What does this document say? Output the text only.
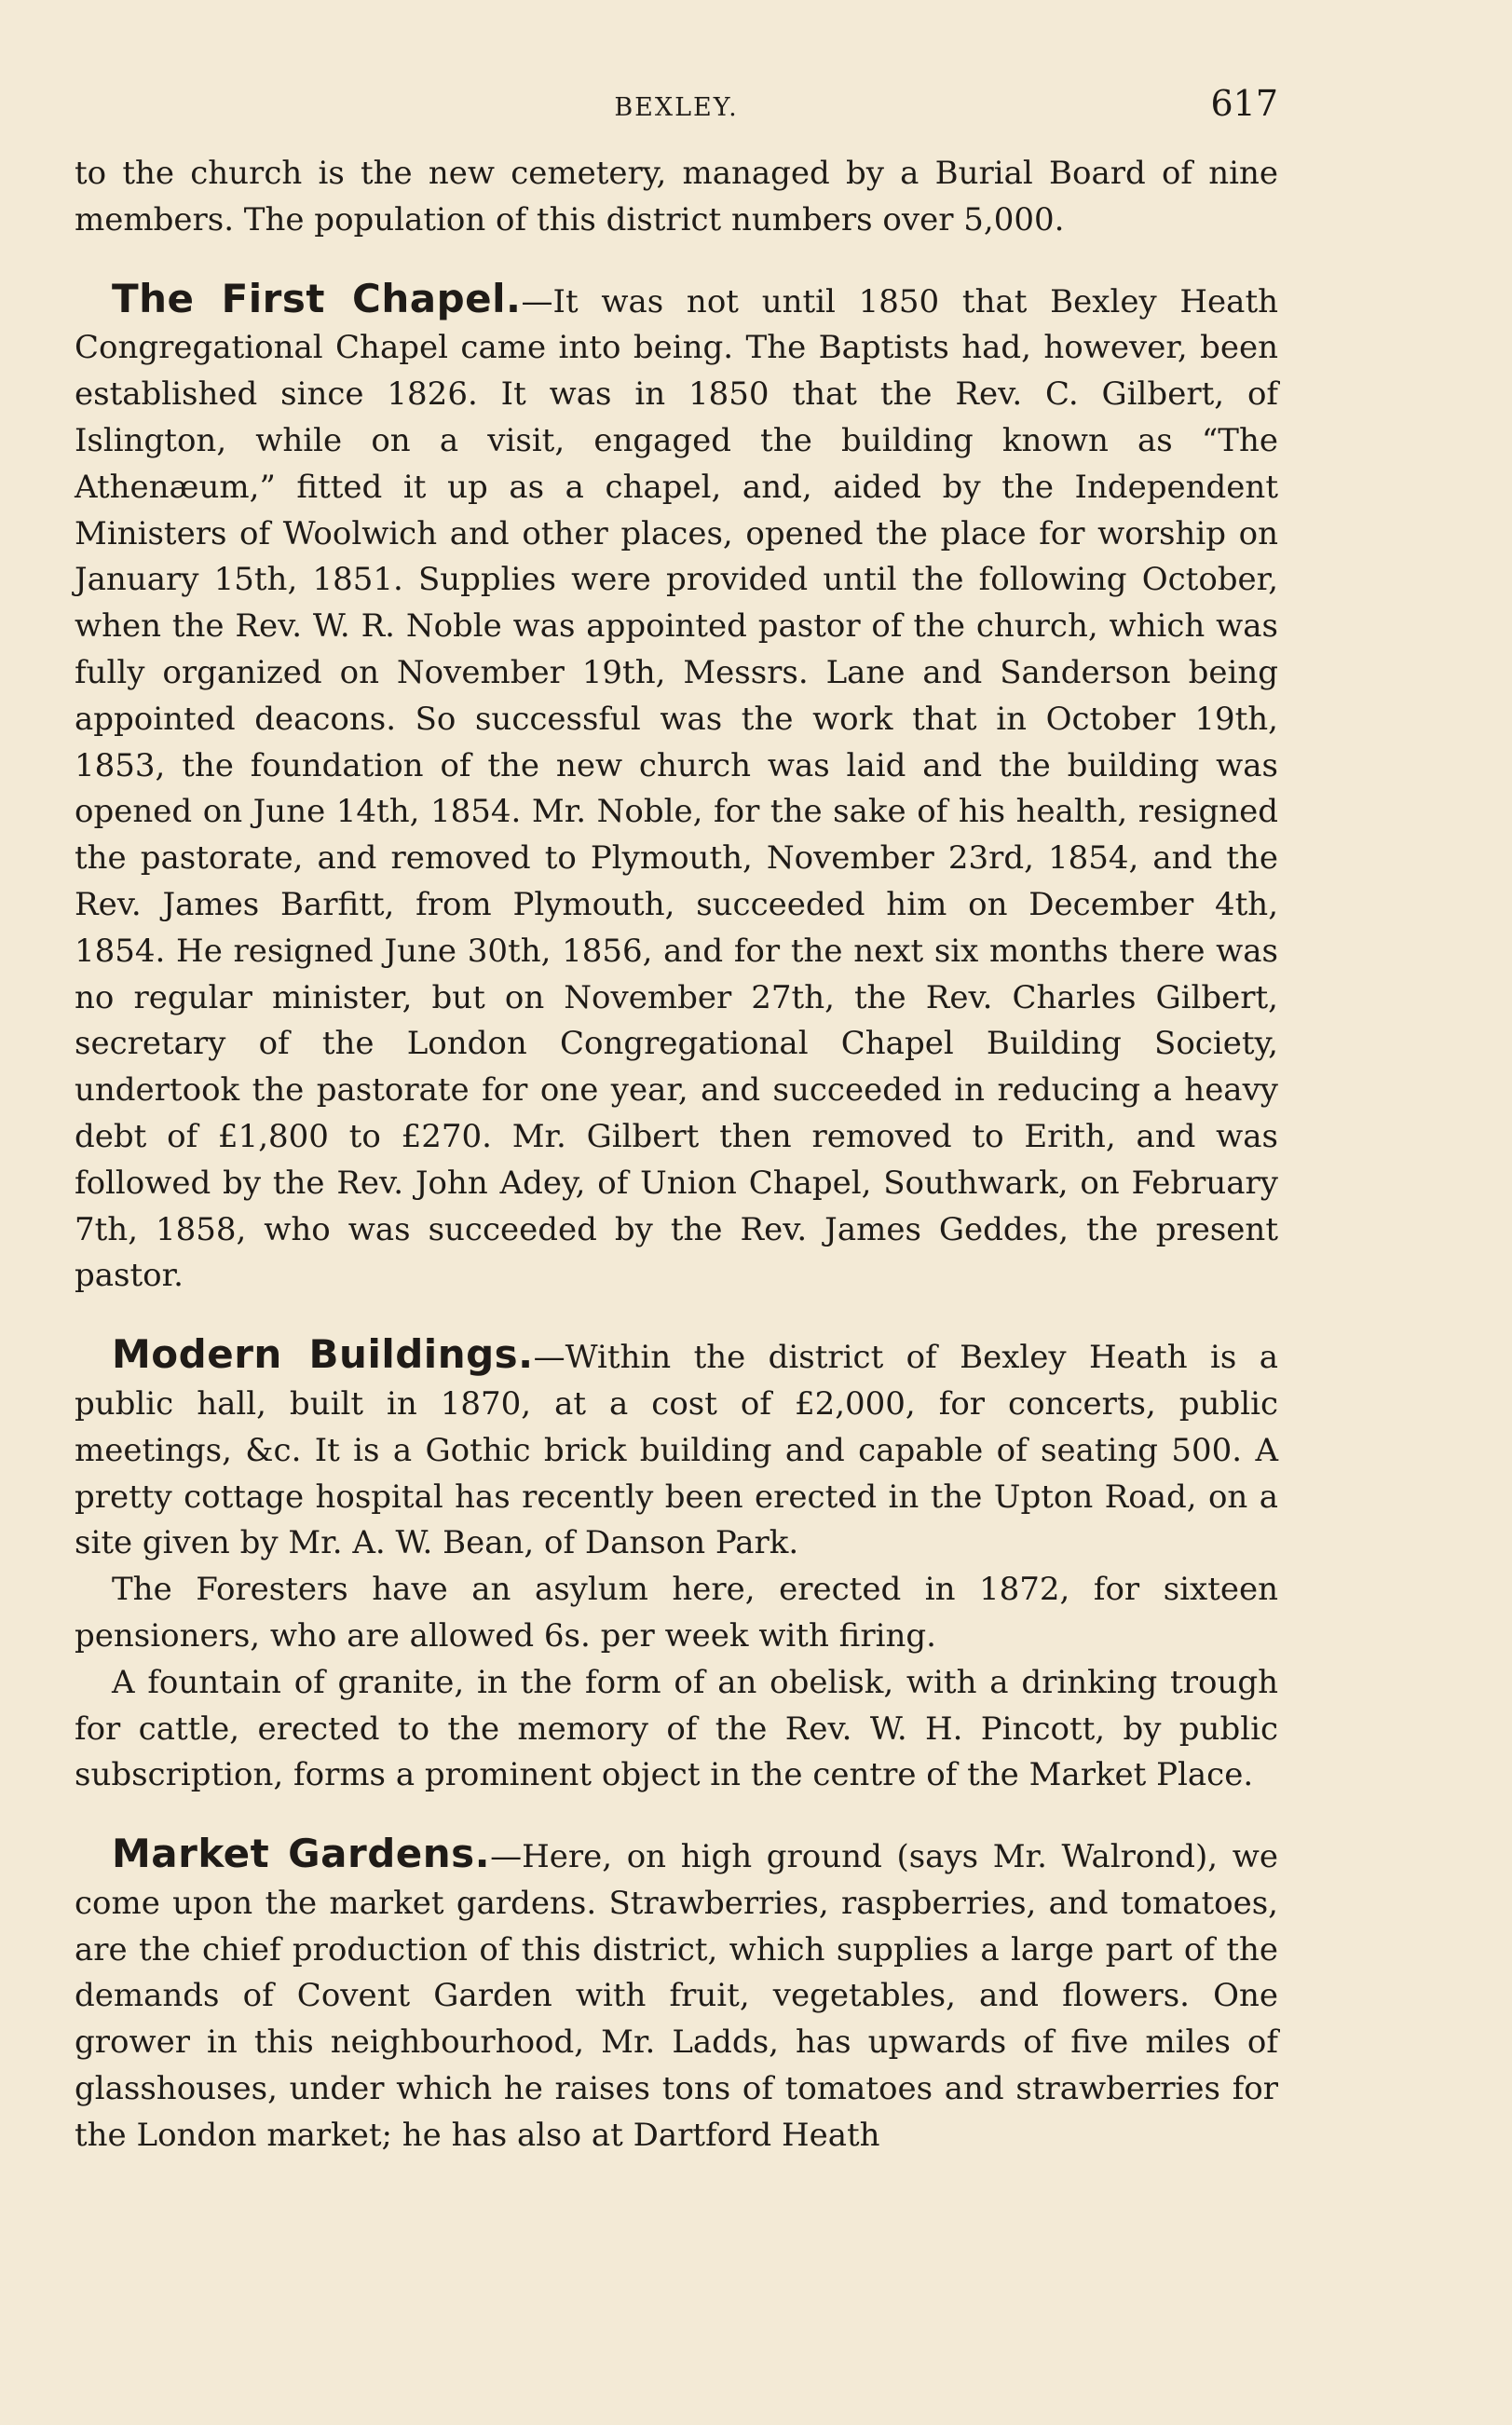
BEXLEY.	617

to the church is the new cemetery, managed by a Burial Board of nine members. The population of this district numbers over 5,000.

The First Chapel.—It was not until 1850 that Bexley Heath Congregational Chapel came into being. The Baptists had, however, been established since 1826. It was in 1850 that the Rev. C. Gilbert, of Islington, while on a visit, engaged the building known as “The Athenæum,” fitted it up as a chapel, and, aided by the Independent Ministers of Woolwich and other places, opened the place for worship on January 15th, 1851. Supplies were provided until the following October, when the Rev. W. R. Noble was appointed pastor of the church, which was fully organized on November 19th, Messrs. Lane and Sanderson being appointed deacons. So successful was the work that in October 19th, 1853, the foundation of the new church was laid and the building was opened on June 14th, 1854. Mr. Noble, for the sake of his health, resigned the pastorate, and removed to Plymouth, November 23rd, 1854, and the Rev. James Barfitt, from Plymouth, succeeded him on December 4th, 1854. He resigned June 30th, 1856, and for the next six months there was no regular minister, but on November 27th, the Rev. Charles Gilbert, secretary of the London Congregational Chapel Building Society, undertook the pastorate for one year, and succeeded in reducing a heavy debt of £1,800 to £270. Mr. Gilbert then removed to Erith, and was followed by the Rev. John Adey, of Union Chapel, Southwark, on February 7th, 1858, who was succeeded by the Rev. James Geddes, the present pastor.

Modern Buildings.—Within the district of Bexley Heath is a public hall, built in 1870, at a cost of £2,000, for concerts, public meetings, &c. It is a Gothic brick building and capable of seating 500. A pretty cottage hospital has recently been erected in the Upton Road, on a site given by Mr. A. W. Bean, of Danson Park.

The Foresters have an asylum here, erected in 1872, for sixteen pensioners, who are allowed 6s. per week with firing.

A fountain of granite, in the form of an obelisk, with a drinking trough for cattle, erected to the memory of the Rev. W. H. Pincott, by public subscription, forms a prominent object in the centre of the Market Place.

Market Gardens.—Here, on high ground (says Mr. Walrond), we come upon the market gardens. Strawberries, raspberries, and tomatoes, are the chief production of this district, which supplies a large part of the demands of Covent Garden with fruit, vegetables, and flowers. One grower in this neighbourhood, Mr. Ladds, has upwards of five miles of glasshouses, under which he raises tons of tomatoes and strawberries for the London market; he has also at Dartford Heath
